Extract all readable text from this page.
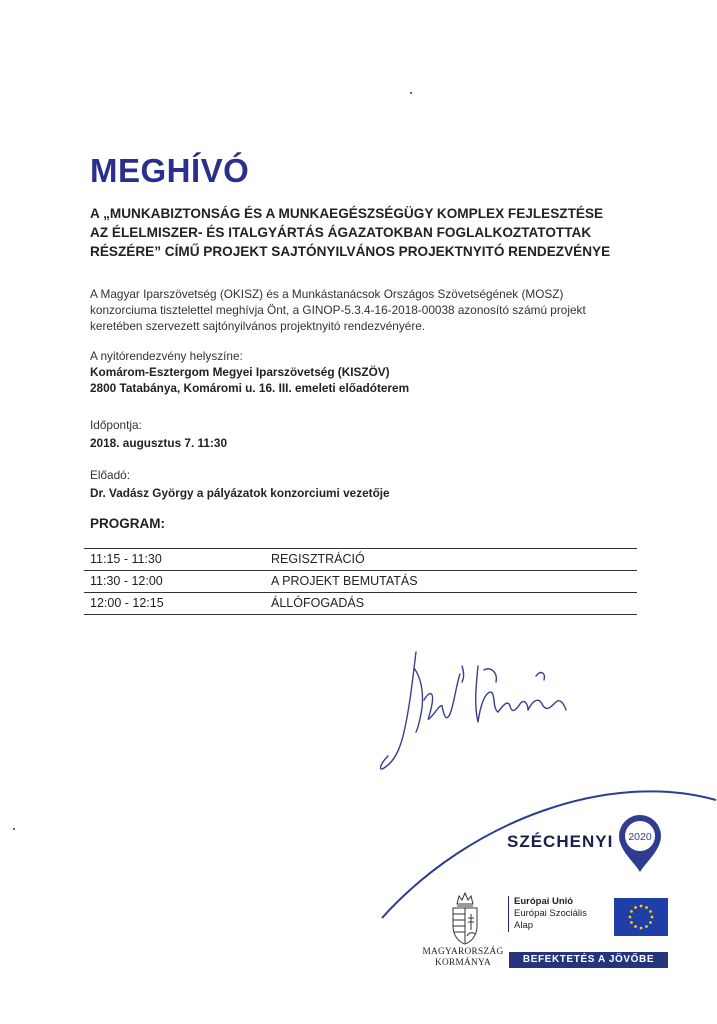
MEGHÍVÓ
A „MUNKABIZTONSÁG ÉS A MUNKAEGÉSZSÉGÜGY KOMPLEX FEJLESZTÉSE
AZ ÉLELMISZER- ÉS ITALGYÁRTÁS ÁGAZATOKBAN FOGLALKOZTATOTTAK
RÉSZÉRE” CÍMŰ PROJEKT SAJTÓNYILVÁNOS PROJEKTNYITÓ RENDEZVÉNYE
A Magyar Iparszövetség (OKISZ) és a Munkástanácsok Országos Szövetségének (MOSZ)
konzorciuma tisztelettel meghívja Önt, a GINOP-5.3.4-16-2018-00038 azonosító számú projekt
keretében szervezett sajtónyilvános projektnyitó rendezvényére.
A nyitórendezvény helyszíne:
Komárom-Esztergom Megyei Iparszövetség (KISZÖV)
2800 Tatabánya, Komáromi u. 16. III. emeleti előadóterem
Időpontja:
2018. augusztus 7. 11:30
Előadó:
Dr. Vadász György a pályázatok konzorciumi vezetője
PROGRAM:
11:15 - 11:30	REGISZTRÁCIÓ
11:30 - 12:00	A PROJEKT BEMUTATÁS
12:00 - 12:15	ÁLLÓFOGADÁS
SZÉCHENYI 2020
MAGYARORSZÁG
KORMÁNYA
Európai Unió
Európai Szociális
Alap
BEFEKTETÉS A JÖVŐBE
